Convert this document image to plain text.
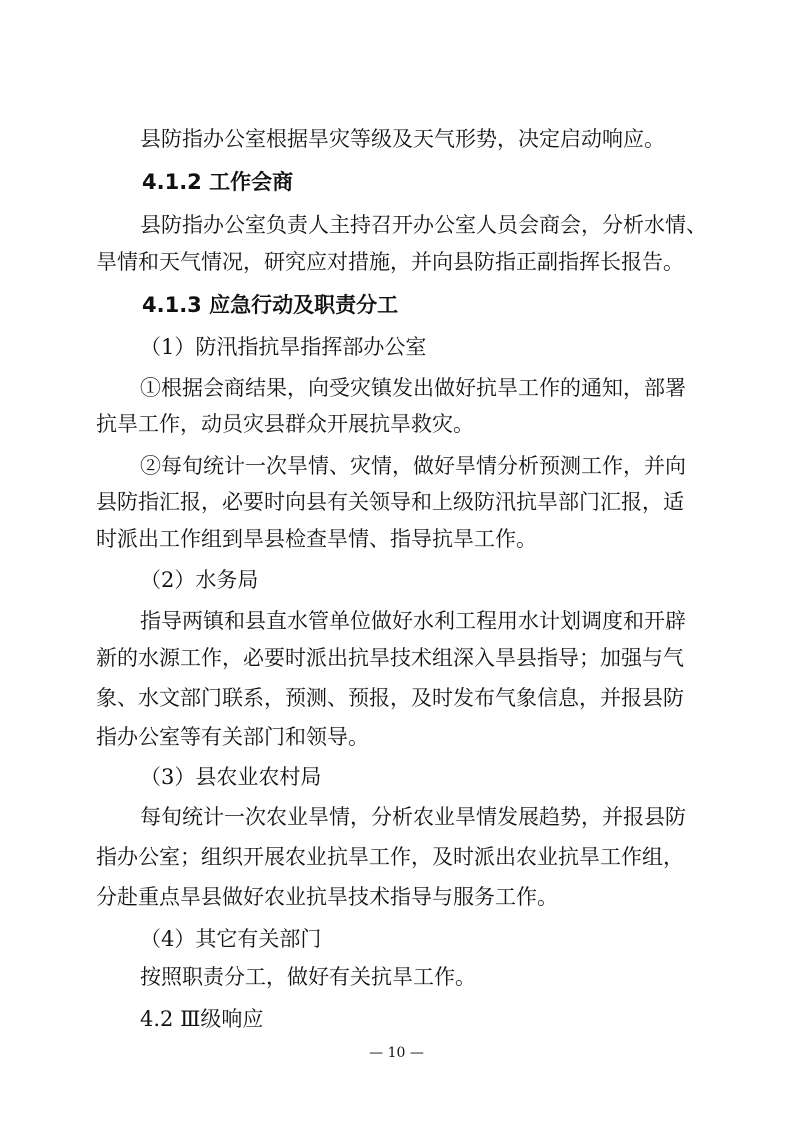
县防指办公室根据旱灾等级及天气形势，决定启动响应。
4.1.2 工作会商
县防指办公室负责人主持召开办公室人员会商会，分析水情、
旱情和天气情况，研究应对措施，并向县防指正副指挥长报告。
4.1.3 应急行动及职责分工
（1）防汛指抗旱指挥部办公室
①根据会商结果，向受灾镇发出做好抗旱工作的通知，部署
抗旱工作，动员灾县群众开展抗旱救灾。
②每旬统计一次旱情、灾情，做好旱情分析预测工作，并向
县防指汇报，必要时向县有关领导和上级防汛抗旱部门汇报，适
时派出工作组到旱县检查旱情、指导抗旱工作。
（2）水务局
指导两镇和县直水管单位做好水利工程用水计划调度和开辟
新的水源工作，必要时派出抗旱技术组深入旱县指导；加强与气
象、水文部门联系，预测、预报，及时发布气象信息，并报县防
指办公室等有关部门和领导。
（3）县农业农村局
每旬统计一次农业旱情，分析农业旱情发展趋势，并报县防
指办公室；组织开展农业抗旱工作，及时派出农业抗旱工作组，
分赴重点旱县做好农业抗旱技术指导与服务工作。
（4）其它有关部门
按照职责分工，做好有关抗旱工作。
4.2 Ⅲ级响应
— 10 —
